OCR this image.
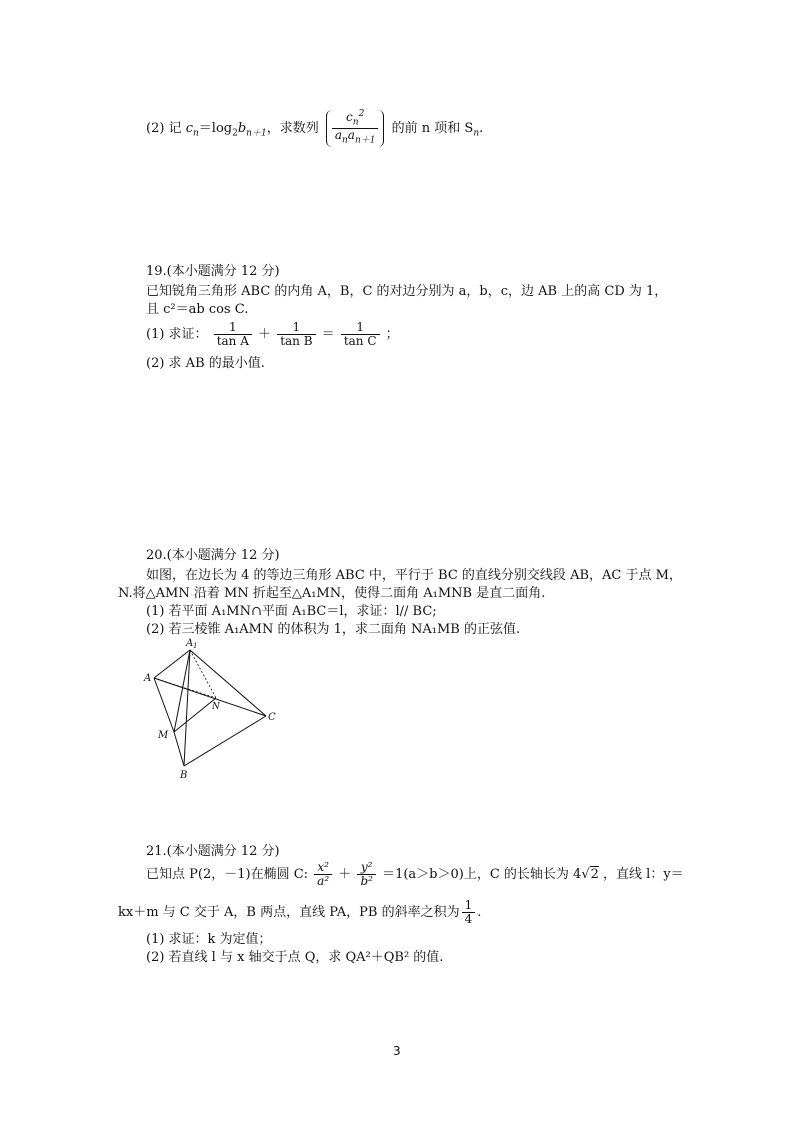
(2) 记 $c_n=\log_2b_{n+1}$，求数列 $\frac{c_n^2}{a_na_{n+1}}$ 的前 n 项和 $S_n$.
19.(本小题满分 12 分)
已知锐角三角形 ABC 的内角 A，B，C 的对边分别为 a，b，c，边 AB 上的高 CD 为 1，
且 c²＝ab cos C.
(1) 求证： $\frac{1}{\text{tan A}} + \frac{1}{\text{tan B}} = \frac{1}{\text{tan C}}$ ；
(2) 求 AB 的最小值.
20.(本小题满分 12 分)
如图，在边长为 4 的等边三角形 ABC 中，平行于 BC 的直线分别交线段 AB，AC 于点 M，
N.将△AMN 沿着 MN 折起至△A₁MN，使得二面角 A₁MNB 是直二面角.
(1) 若平面 A₁MN∩平面 A₁BC＝l，求证：l// BC;
(2) 若三棱锥 A₁AMN 的体积为 1，求二面角 NA₁MB 的正弦值.
A 1
A
N
C
M
B
21.(本小题满分 12 分)
已知点 P(2，－1)在椭圆 C: $\frac{\text{x²}}{\text{a²}} + \frac{\text{y²}}{\text{b²}} =1(a>b>0)$上，C 的长轴长为 4√2 ，直线 l：y＝
kx＋m 与 C 交于 A，B 两点，直线 PA，PB 的斜率之积为 $\frac{1}{4}$ .
(1) 求证：k 为定值；
(2) 若直线 l 与 x 轴交于点 Q，求 QA²＋QB² 的值.
3
